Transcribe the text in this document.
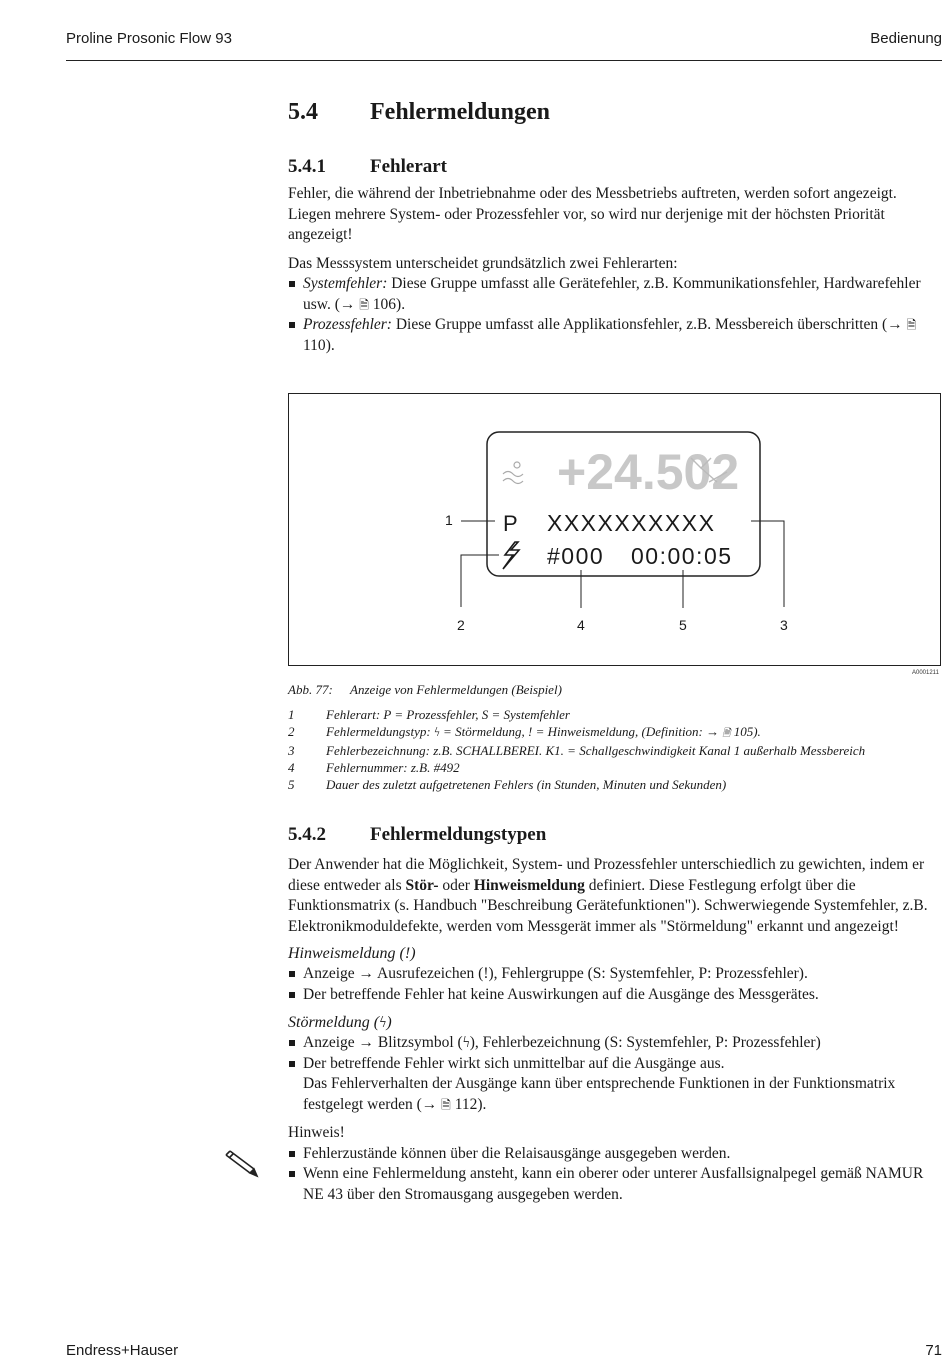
Proline Prosonic Flow 93	Bedienung
5.4	Fehlermeldungen
5.4.1	Fehlerart

Fehler, die während der Inbetriebnahme oder des Messbetriebs auftreten, werden sofort angezeigt. Liegen mehrere System- oder Prozessfehler vor, so wird nur derjenige mit der höchsten Priorität angezeigt!

Das Messsystem unterscheidet grundsätzlich zwei Fehlerarten:

Systemfehler: Diese Gruppe umfasst alle Gerätefehler, z.B. Kommunikationsfehler, Hardwarefehler usw. (→ 🗎 106).
Prozessfehler: Diese Gruppe umfasst alle Applikationsfehler, z.B. Messbereich überschritten (→ 🗎 110).
+24.502
P XXXXXXXXXX
#000 00:00:05
1
2	3
4	5
A0001211
Abb. 77: Anzeige von Fehlermeldungen (Beispiel)
1	Fehlerart: P = Prozessfehler, S = Systemfehler
2	Fehlermeldungstyp: ϟ = Störmeldung, ! = Hinweismeldung, (Definition: → 🗎 105).
3	Fehlerbezeichnung: z.B. SCHALLBEREI. K1. = Schallgeschwindigkeit Kanal 1 außerhalb Messbereich
4	Fehlernummer: z.B. #492
5	Dauer des zuletzt aufgetretenen Fehlers (in Stunden, Minuten und Sekunden)
5.4.2	Fehlermeldungstypen

Der Anwender hat die Möglichkeit, System- und Prozessfehler unterschiedlich zu gewichten, indem er diese entweder als Stör- oder Hinweismeldung definiert. Diese Festlegung erfolgt über die Funktionsmatrix (s. Handbuch "Beschreibung Gerätefunktionen"). Schwerwiegende Systemfehler, z.B. Elektronikmoduldefekte, werden vom Messgerät immer als "Störmeldung" erkannt und angezeigt!

Hinweismeldung (!)
Anzeige → Ausrufezeichen (!), Fehlergruppe (S: Systemfehler, P: Prozessfehler).
Der betreffende Fehler hat keine Auswirkungen auf die Ausgänge des Messgerätes.
Störmeldung (ϟ)
Anzeige → Blitzsymbol (ϟ), Fehlerbezeichnung (S: Systemfehler, P: Prozessfehler)
Der betreffende Fehler wirkt sich unmittelbar auf die Ausgänge aus.
Das Fehlerverhalten der Ausgänge kann über entsprechende Funktionen in der Funktionsmatrix festgelegt werden (→ 🗎 112).

Hinweis!

Fehlerzustände können über die Relaisausgänge ausgegeben werden.
Wenn eine Fehlermeldung ansteht, kann ein oberer oder unterer Ausfallsignalpegel gemäß NAMUR NE 43 über den Stromausgang ausgegeben werden.
Endress+Hauser	71
